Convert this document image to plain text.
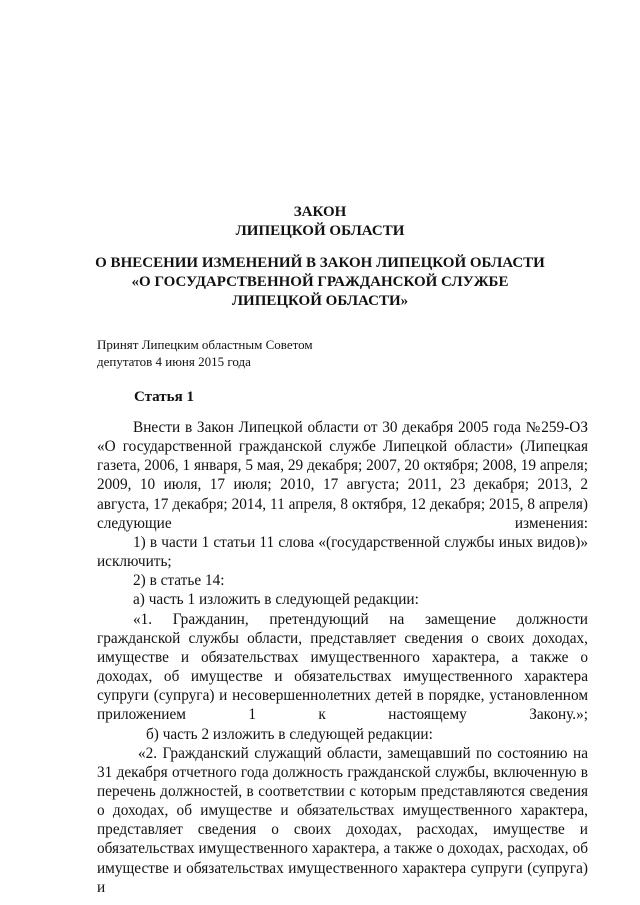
ЗАКОН
ЛИПЕЦКОЙ ОБЛАСТИ
О ВНЕСЕНИИ ИЗМЕНЕНИЙ В ЗАКОН ЛИПЕЦКОЙ ОБЛАСТИ
«О ГОСУДАРСТВЕННОЙ ГРАЖДАНСКОЙ СЛУЖБЕ
ЛИПЕЦКОЙ ОБЛАСТИ»
Принят Липецким областным Советом
депутатов 4 июня 2015 года
Статья 1

Внести в Закон Липецкой области от 30 декабря 2005 года №259-ОЗ «О государственной гражданской службе Липецкой области» (Липецкая газета, 2006, 1 января, 5 мая, 29 декабря; 2007, 20 октября; 2008, 19 апреля; 2009, 10 июля, 17 июля; 2010, 17 августа; 2011, 23 декабря; 2013, 2 августа, 17 декабря; 2014, 11 апреля, 8 октября, 12 декабря; 2015, 8 апреля) следующие изменения:

1) в части 1 статьи 11 слова «(государственной службы иных видов)» исключить;

2) в статье 14:

а) часть 1 изложить в следующей редакции:

«1. Гражданин, претендующий на замещение должности гражданской службы области, представляет сведения о своих доходах, имуществе и обязательствах имущественного характера, а также о доходах, об имуществе и обязательствах имущественного характера супруги (супруга) и несовершеннолетних детей в порядке, установленном приложением 1 к настоящему Закону.»;

б) часть 2 изложить в следующей редакции:

«2. Гражданский служащий области, замещавший по состоянию на 31 декабря отчетного года должность гражданской службы, включенную в перечень должностей, в соответствии с которым представляются сведения о доходах, об имуществе и обязательствах имущественного характера, представляет сведения о своих доходах, расходах, имуществе и обязательствах имущественного характера, а также о доходах, расходах, об имуществе и обязательствах имущественного характера супруги (супруга) и
